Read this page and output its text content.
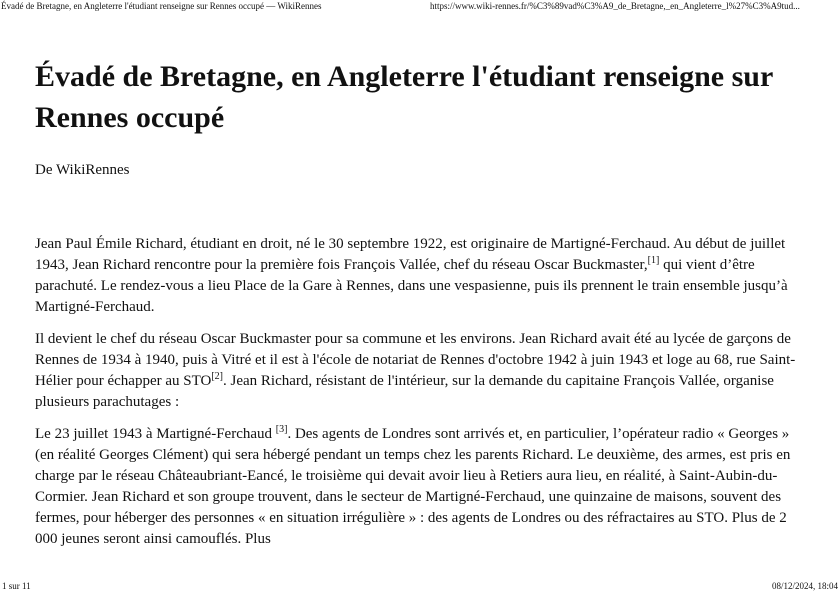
Évadé de Bretagne, en Angleterre l'étudiant renseigne sur Rennes occupé — WikiRennes	https://www.wiki-rennes.fr/%C3%89vad%C3%A9_de_Bretagne,_en_Angleterre_l%27%C3%A9tud...
Évadé de Bretagne, en Angleterre l'étudiant renseigne sur Rennes occupé

De WikiRennes

Jean Paul Émile Richard, étudiant en droit, né le 30 septembre 1922, est originaire de Martigné-Ferchaud. Au début de juillet 1943, Jean Richard rencontre pour la première fois François Vallée, chef du réseau Oscar Buckmaster,[1] qui vient d’être parachuté. Le rendez-vous a lieu Place de la Gare à Rennes, dans une vespasienne, puis ils prennent le train ensemble jusqu’à Martigné-Ferchaud.

Il devient le chef du réseau Oscar Buckmaster pour sa commune et les environs. Jean Richard avait été au lycée de garçons de Rennes de 1934 à 1940, puis à Vitré et il est à l'école de notariat de Rennes d'octobre 1942 à juin 1943 et loge au 68, rue Saint-Hélier pour échapper au STO[2]. Jean Richard, résistant de l'intérieur, sur la demande du capitaine François Vallée, organise plusieurs parachutages :

Le 23 juillet 1943 à Martigné-Ferchaud [3]. Des agents de Londres sont arrivés et, en particulier, l’opérateur radio « Georges » (en réalité Georges Clément) qui sera hébergé pendant un temps chez les parents Richard. Le deuxième, des armes, est pris en charge par le réseau Châteaubriant-Eancé, le troisième qui devait avoir lieu à Retiers aura lieu, en réalité, à Saint-Aubin-du-Cormier. Jean Richard et son groupe trouvent, dans le secteur de Martigné-Ferchaud, une quinzaine de maisons, souvent des fermes, pour héberger des personnes « en situation irrégulière » : des agents de Londres ou des réfractaires au STO. Plus de 2 000 jeunes seront ainsi camouflés. Plus

1 sur 11	08/12/2024, 18:04
